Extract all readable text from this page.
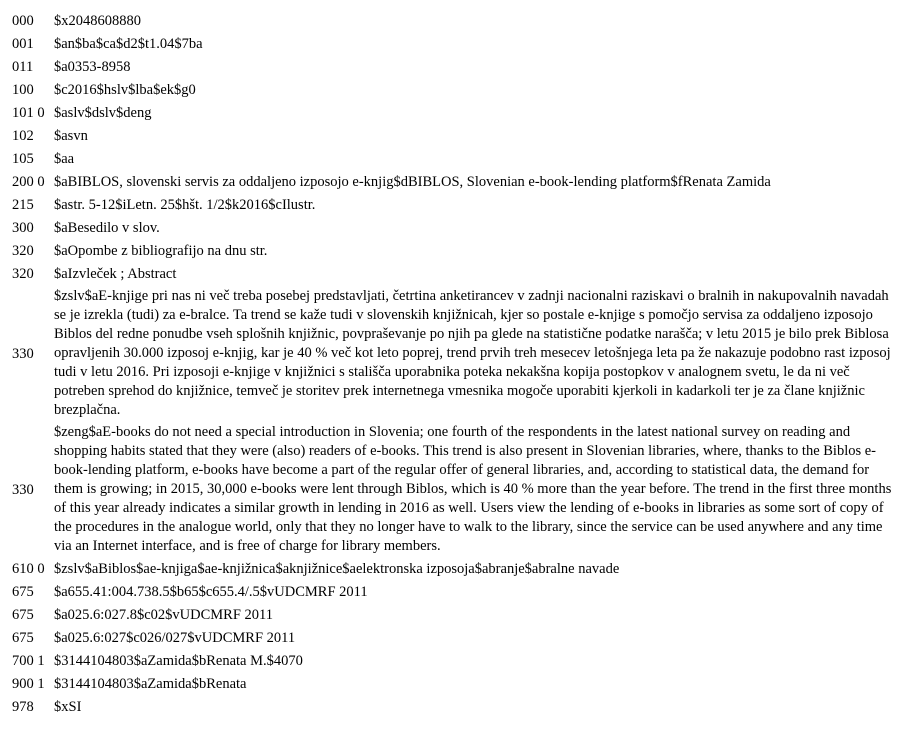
000	$x2048608880
001	$an$ba$ca$d2$t1.04$7ba
011	$a0353-8958
100	$c2016$hslv$lba$ek$g0
101 0	$aslv$dslv$deng
102	$asvn
105	$aa
200 0	$aBIBLOS, slovenski servis za oddaljeno izposojo e-knjig$dBIBLOS, Slovenian e-book-lending platform$fRenata Zamida
215	$astr. 5-12$iLetn. 25$hšt. 1/2$k2016$cIlustr.
300	$aBesedilo v slov.
320	$aOpombe z bibliografijo na dnu str.
320	$aIzvleček ; Abstract
330	$zslv$aE-knjige pri nas ni več treba posebej predstavljati, četrtina anketirancev v zadnji nacionalni raziskavi o bralnih in nakupovalnih navadah se je izrekla (tudi) za e-bralce. Ta trend se kaže tudi v slovenskih knjižnicah, kjer so postale e-knjige s pomočjo servisa za oddaljeno izposojo Biblos del redne ponudbe vseh splošnih knjižnic, povpraševanje po njih pa glede na statistične podatke narašča; v letu 2015 je bilo prek Biblosa opravljenih 30.000 izposoj e-knjig, kar je 40 % več kot leto poprej, trend prvih treh mesecev letošnjega leta pa že nakazuje podobno rast izposoj tudi v letu 2016. Pri izposoji e-knjige v knjižnici s stališča uporabnika poteka nekakšna kopija postopkov v analognem svetu, le da ni več potreben sprehod do knjižnice, temveč je storitev prek internetnega vmesnika mogoče uporabiti kjerkoli in kadarkoli ter je za člane knjižnic brezplačna.
330	$zeng$aE-books do not need a special introduction in Slovenia; one fourth of the respondents in the latest national survey on reading and shopping habits stated that they were (also) readers of e-books. This trend is also present in Slovenian libraries, where, thanks to the Biblos e-book-lending platform, e-books have become a part of the regular offer of general libraries, and, according to statistical data, the demand for them is growing; in 2015, 30,000 e-books were lent through Biblos, which is 40 % more than the year before. The trend in the first three months of this year already indicates a similar growth in lending in 2016 as well. Users view the lending of e-books in libraries as some sort of copy of the procedures in the analogue world, only that they no longer have to walk to the library, since the service can be used anywhere and any time via an Internet interface, and is free of charge for library members.
610 0	$zslv$aBiblos$ae-knjiga$ae-knjižnica$aknjižnice$aelektronska izposoja$abranje$abralne navade
675	$a655.41:004.738.5$b65$c655.4/.5$vUDCMRF 2011
675	$a025.6:027.8$c02$vUDCMRF 2011
675	$a025.6:027$c026/027$vUDCMRF 2011
700 1	$3144104803$aZamida$bRenata M.$4070
900 1	$3144104803$aZamida$bRenata
978	$xSI
